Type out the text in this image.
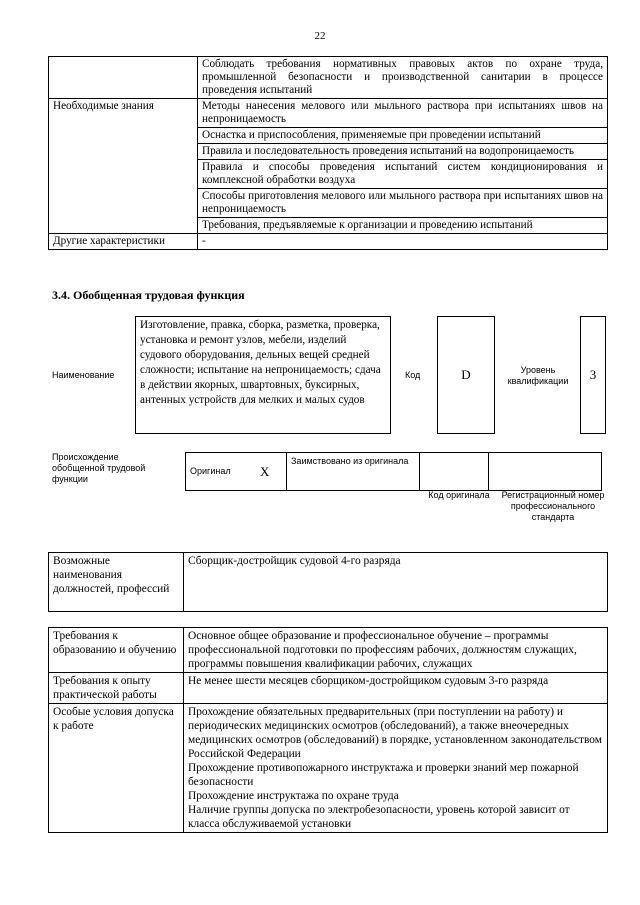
22
	Соблюдать требования нормативных правовых актов по охране труда, промышленной безопасности и производственной санитарии в процессе проведения испытаний
Необходимые знания	Методы нанесения мелового или мыльного раствора при испытаниях швов на непроницаемость
	Оснастка и приспособления, применяемые при проведении испытаний
	Правила и последовательность проведения испытаний на водопроницаемость
	Правила и способы проведения испытаний систем кондиционирования и комплексной обработки воздуха
	Способы приготовления мелового или мыльного раствора при испытаниях швов на непроницаемость
	Требования, предъявляемые к организации и проведению испытаний
Другие характеристики	-
3.4. Обобщенная трудовая функция
Наименование
Изготовление, правка, сборка, разметка, проверка, установка и ремонт узлов, мебели, изделий судового оборудования, дельных вещей средней сложности; испытание на непроницаемость; сдача в действии якорных, швартовных, буксирных, антенных устройств для мелких и малых судов
Код	D	Уровень квалификации	3
Происхождение обобщенной трудовой функции
Оригинал	X	Заимствовано из оригинала		
Код оригинала	Регистрационный номер профессионального стандарта
Возможные наименования должностей, профессий	Сборщик-достройщик судовой 4-го разряда
Требования к образованию и обучению	Основное общее образование и профессиональное обучение – программы профессиональной подготовки по профессиям рабочих, должностям служащих, программы повышения квалификации рабочих, служащих

Требования к опыту практической работы	Не менее шести месяцев сборщиком-достройщиком судовым 3-го разряда

Особые условия допуска к работе	Прохождение обязательных предварительных (при поступлении на работу) и периодических медицинских осмотров (обследований), а также внеочередных медицинских осмотров (обследований) в порядке, установленном законодательством Российской Федерации
Прохождение противопожарного инструктажа и проверки знаний мер пожарной безопасности
Прохождение инструктажа по охране труда
Наличие группы допуска по электробезопасности, уровень которой зависит от класса обслуживаемой установки
